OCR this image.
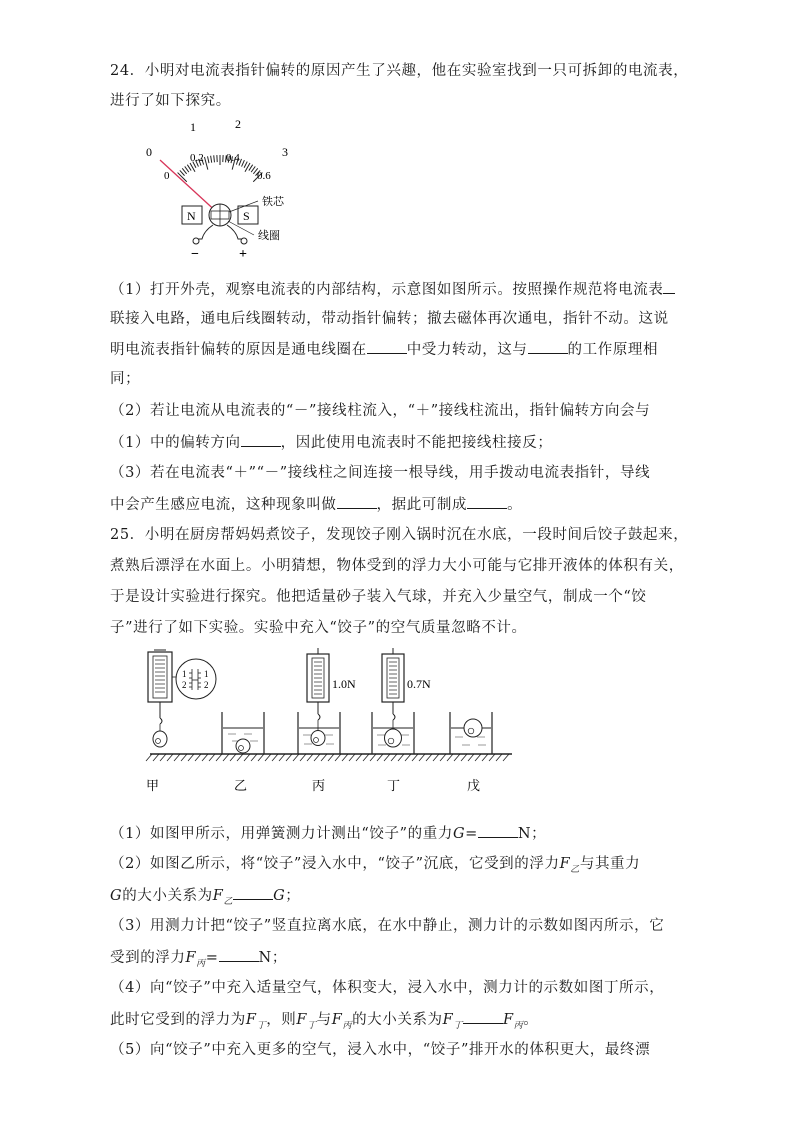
24．小明对电流表指针偏转的原因产生了兴趣，他在实验室找到一只可拆卸的电流表，
进行了如下探究。
0
1	2
3
0
0.2 0.4
0.6
N	S
铁芯
线圈
−	+
（1）打开外壳，观察电流表的内部结构，示意图如图所示。按照操作规范将电流表
联接入电路，通电后线圈转动，带动指针偏转；撤去磁体再次通电，指针不动。这说
明电流表指针偏转的原因是通电线圈在	中受力转动，这与	的工作原理相
同；
（2）若让电流从电流表的“－”接线柱流入，“＋”接线柱流出，指针偏转方向会与
（1）中的偏转方向	，因此使用电流表时不能把接线柱接反；
（3）若在电流表“＋”“－”接线柱之间连接一根导线，用手拨动电流表指针，导线
中会产生感应电流，这种现象叫做	，据此可制成	。
25．小明在厨房帮妈妈煮饺子，发现饺子刚入锅时沉在水底，一段时间后饺子鼓起来，
煮熟后漂浮在水面上。小明猜想，物体受到的浮力大小可能与它排开液体的体积有关，
于是设计实验进行探究。他把适量砂子装入气球，并充入少量空气，制成一个“饺
子”进行了如下实验。实验中充入“饺子”的空气质量忽略不计。
1
2
1
2	1.0N	0.7N
甲	乙	丙	丁	戊
（1）如图甲所示，用弹簧测力计测出“饺子”的重力G=	N；
（2）如图乙所示，将“饺子”浸入水中，“饺子”沉底，它受到的浮力$F_乙$与其重力
G的大小关系为$F_乙$	G；
（3）用测力计把“饺子”竖直拉离水底，在水中静止，测力计的示数如图丙所示，它
受到的浮力$F_丙=$	N；
（4）向“饺子”中充入适量空气，体积变大，浸入水中，测力计的示数如图丁所示，
此时它受到的浮力为$F_丁$，则$F_丁$与$F_丙$的大小关系为$F_丁$	$F_丙$。
（5）向“饺子”中充入更多的空气，浸入水中，“饺子”排开水的体积更大，最终漂
